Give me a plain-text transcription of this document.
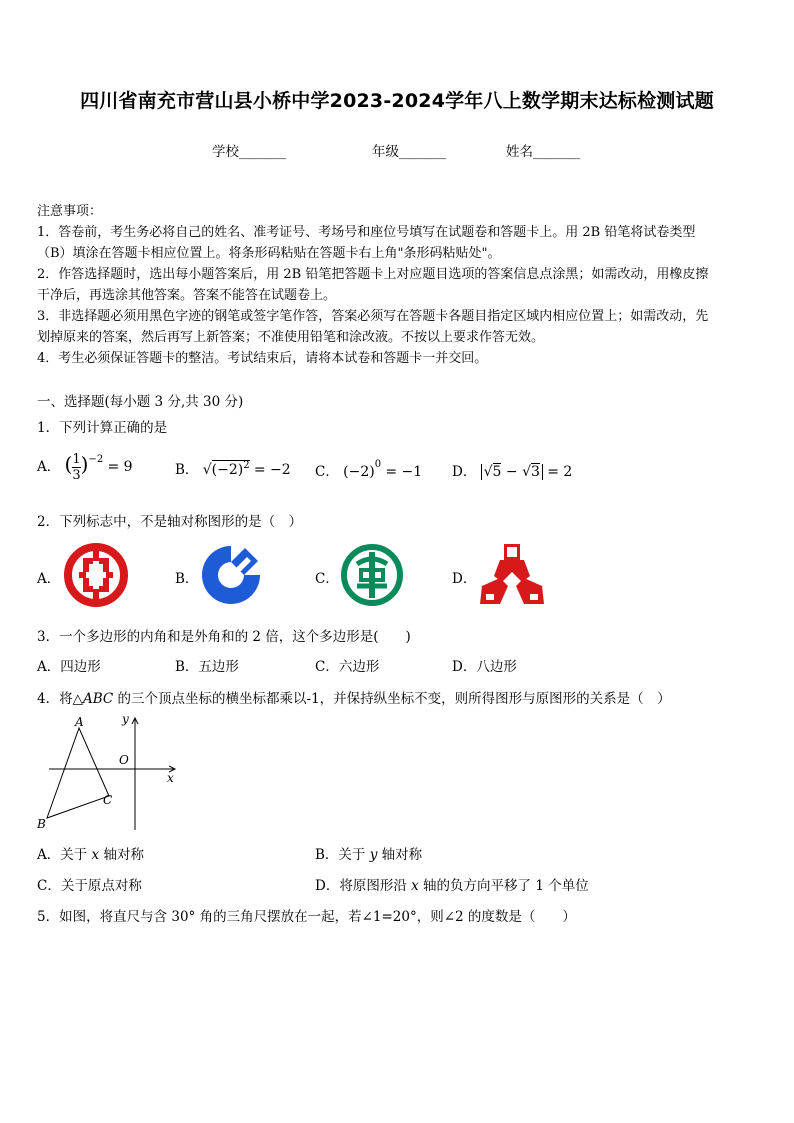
四川省南充市营山县小桥中学2023-2024学年八上数学期末达标检测试题
学校_______	年级_______	姓名_______
注意事项：
1．答卷前，考生务必将自己的姓名、准考证号、考场号和座位号填写在试题卷和答题卡上。用 2B 铅笔将试卷类型
（B）填涂在答题卡相应位置上。将条形码粘贴在答题卡右上角"条形码粘贴处"。
2．作答选择题时，选出每小题答案后，用 2B 铅笔把答题卡上对应题目选项的答案信息点涂黑；如需改动，用橡皮擦
干净后，再选涂其他答案。答案不能答在试题卷上。
3．非选择题必须用黑色字迹的钢笔或签字笔作答，答案必须写在答题卡各题目指定区域内相应位置上；如需改动，先
划掉原来的答案，然后再写上新答案；不准使用铅笔和涂改液。不按以上要求作答无效。
4．考生必须保证答题卡的整洁。考试结束后，请将本试卷和答题卡一并交回。
一、选择题(每小题 3 分,共 30 分)
1．下列计算正确的是
A． ( $\frac{1}{3} )^{-2} = 9$	B． $√(-2)^2 = -2$ C． $(-2)^0 = -1$ D． √5 − √3 = 2
2．下列标志中，不是轴对称图形的是（　）
A．	B．	C．	D．
3．一个多边形的内角和是外角和的 2 倍，这个多边形是(　　)
A．四边形	B．五边形	C．六边形	D．八边形
4．将△ABC 的三个顶点坐标的横坐标都乘以-1，并保持纵坐标不变，则所得图形与原图形的关系是（　）
A
B
C
O
x
y
A．关于 x 轴对称	B．关于 y 轴对称
C．关于原点对称	D．将原图形沿 x 轴的负方向平移了 1 个单位
5．如图，将直尺与含 30° 角的三角尺摆放在一起，若∠1=20°，则∠2 的度数是（　　）
